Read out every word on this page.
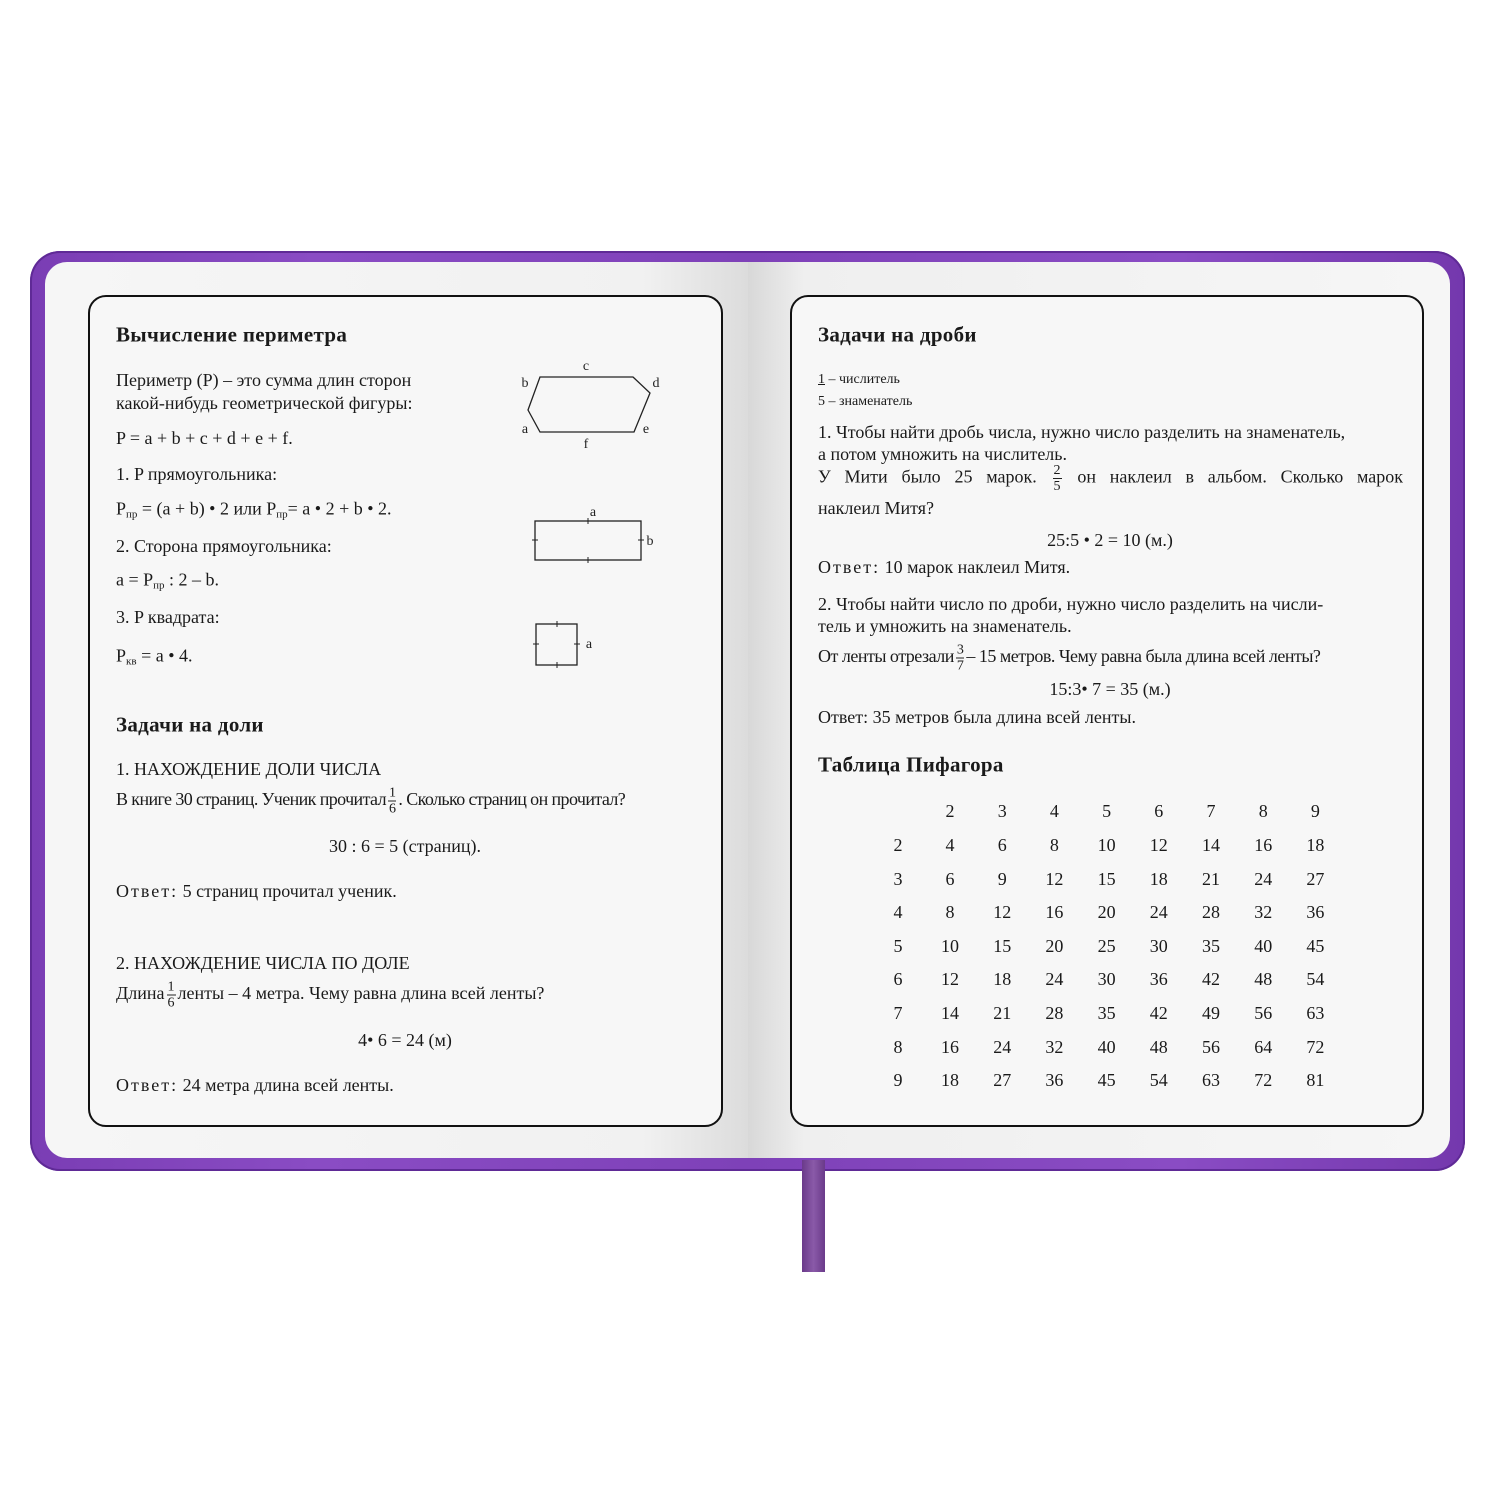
Вычисление периметра
Периметр (Р) – это сумма длин сторон
какой-нибудь геометрической фигуры:
P = a + b + c + d + e + f.
1. P прямоугольника:
$P_{пр} = (a + b)$ • 2 или $P_{пр}= a$ • 2 + b • 2.
2. Сторона прямоугольника:
$a = P_{пр}$ : 2 – b.
3. P квадрата:
$P_{кв} = a$ • 4.
c
b	d
a	e
f
a
b
a
Задачи на доли
1. НАХОЖДЕНИЕ ДОЛИ ЧИСЛА
В книге 30 страниц. Ученик прочитал $\frac{1}{6}$ . Сколько страниц он прочитал?
30 : 6 = 5 (страниц).
Ответ: 5 страниц прочитал ученик.
2. НАХОЖДЕНИЕ ЧИСЛА ПО ДОЛЕ
Длина $\frac{1}{6}$ ленты – 4 метра. Чему равна длина всей ленты?
4• 6 = 24 (м)
Ответ: 24 метра длина всей ленты.
Задачи на дроби
1 – числитель
5 – знаменатель
1. Чтобы найти дробь числа, нужно число разделить на знаменатель,
а потом умножить на числитель.
У Мити было 25 марок. $\frac{2}{5}$ он наклеил в альбом. Сколько марок
наклеил Митя?
25:5 • 2 = 10 (м.)
Ответ: 10 марок наклеил Митя.
2. Чтобы найти число по дроби, нужно число разделить на числи-
тель и умножить на знаменатель.
От ленты отрезали $\frac{3}{7} - 15$ метров. Чему равна была длина всей ленты?
15:3• 7 = 35 (м.)
Ответ: 35 метров была длина всей ленты.
Таблица Пифагора
2 3 4 5 6 7 8 9
2 4 6 8 10 12 14 16 18
3 6 9 12 15 18 21 24 27
4 8 12 16 20 24 28 32 36
5 10 15 20 25 30 35 40 45
6 12 18 24 30 36 42 48 54
7 14 21 28 35 42 49 56 63
8 16 24 32 40 48 56 64 72
9 18 27 36 45 54 63 72 81
